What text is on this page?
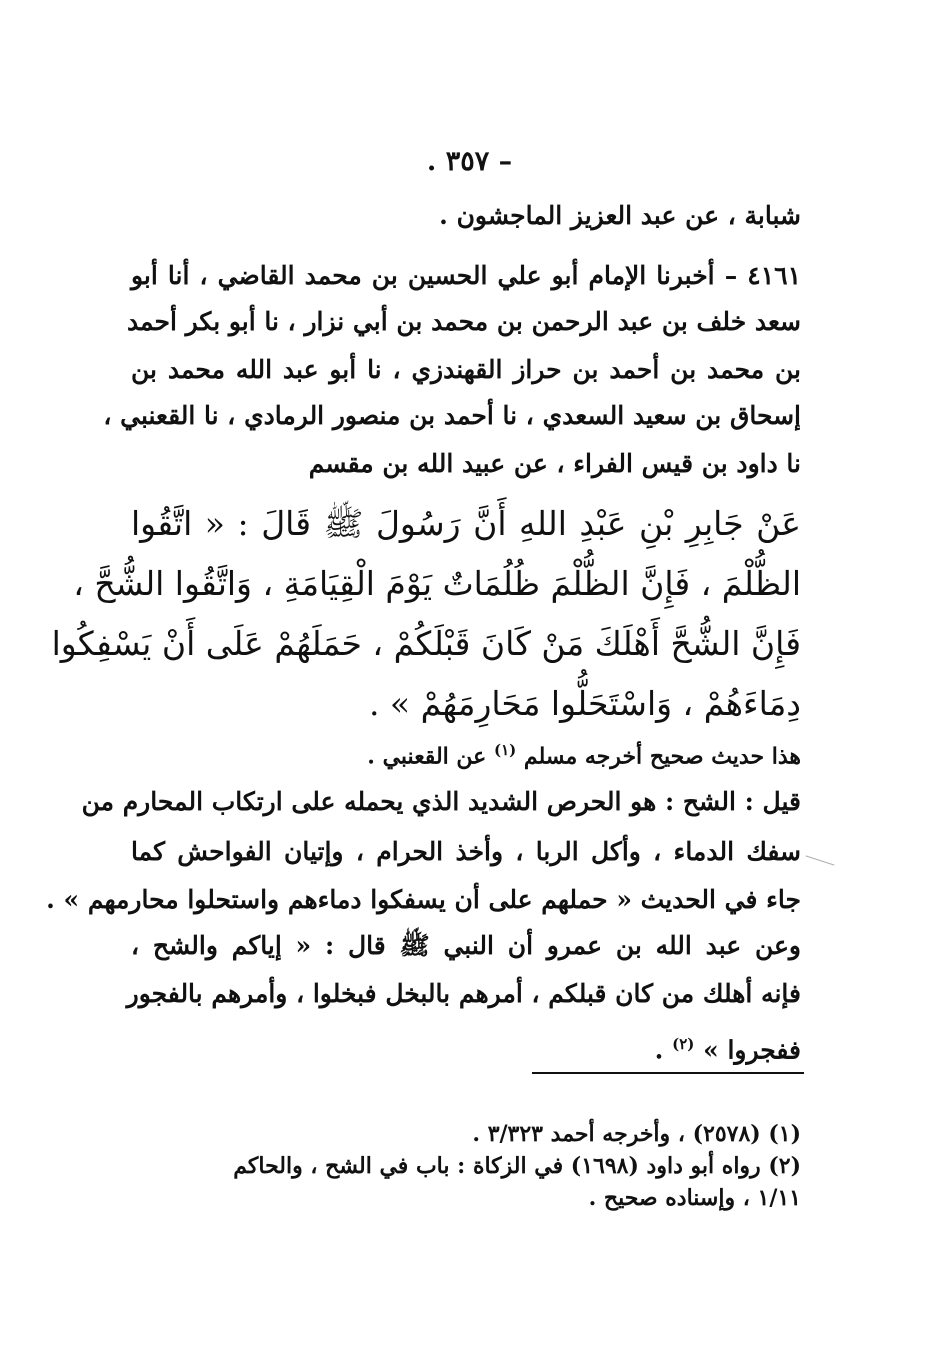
– ٣٥٧ .
شبابة ، عن عبد العزيز الماجشون .
٤١٦١ – أخبرنا الإمام أبو علي الحسين بن محمد القاضي ، أنا أبو
سعد خلف بن عبد الرحمن بن محمد بن أبي نزار ، نا أبو بكر أحمد
بن محمد بن أحمد بن حراز القهندزي ، نا أبو عبد الله محمد بن
إسحاق بن سعيد السعدي ، نا أحمد بن منصور الرمادي ، نا القعنبي ،
نا داود بن قيس الفراء ، عن عبيد الله بن مقسم
عَنْ جَابِرِ بْنِ عَبْدِ اللهِ أَنَّ رَسُولَ ﷺ قَالَ : « اتَّقُوا
الظُّلْمَ ، فَإِنَّ الظُّلْمَ ظُلُمَاتٌ يَوْمَ الْقِيَامَةِ ، وَاتَّقُوا الشُّحَّ ،
فَإِنَّ الشُّحَّ أَهْلَكَ مَنْ كَانَ قَبْلَكُمْ ، حَمَلَهُمْ عَلَى أَنْ يَسْفِكُوا
دِمَاءَهُمْ ، وَاسْتَحَلُّوا مَحَارِمَهُمْ » .
هذا حديث صحيح أخرجه مسلم $^{(١)}$ عن القعنبي .
قيل : الشح : هو الحرص الشديد الذي يحمله على ارتكاب المحارم من
سفك الدماء ، وأكل الربا ، وأخذ الحرام ، وإتيان الفواحش كما
جاء في الحديث « حملهم على أن يسفكوا دماءهم واستحلوا محارمهم » .
وعن عبد الله بن عمرو أن النبي ﷺ قال : « إياكم والشح ،
فإنه أهلك من كان قبلكم ، أمرهم بالبخل فبخلوا ، وأمرهم بالفجور
ففجروا » $^{(٢)}$ .
(١) (٢٥٧٨) ، وأخرجه أحمد ٣/٣٢٣ .
(٢) رواه أبو داود (١٦٩٨) في الزكاة : باب في الشح ، والحاكم
١/١١ ، وإسناده صحيح .
